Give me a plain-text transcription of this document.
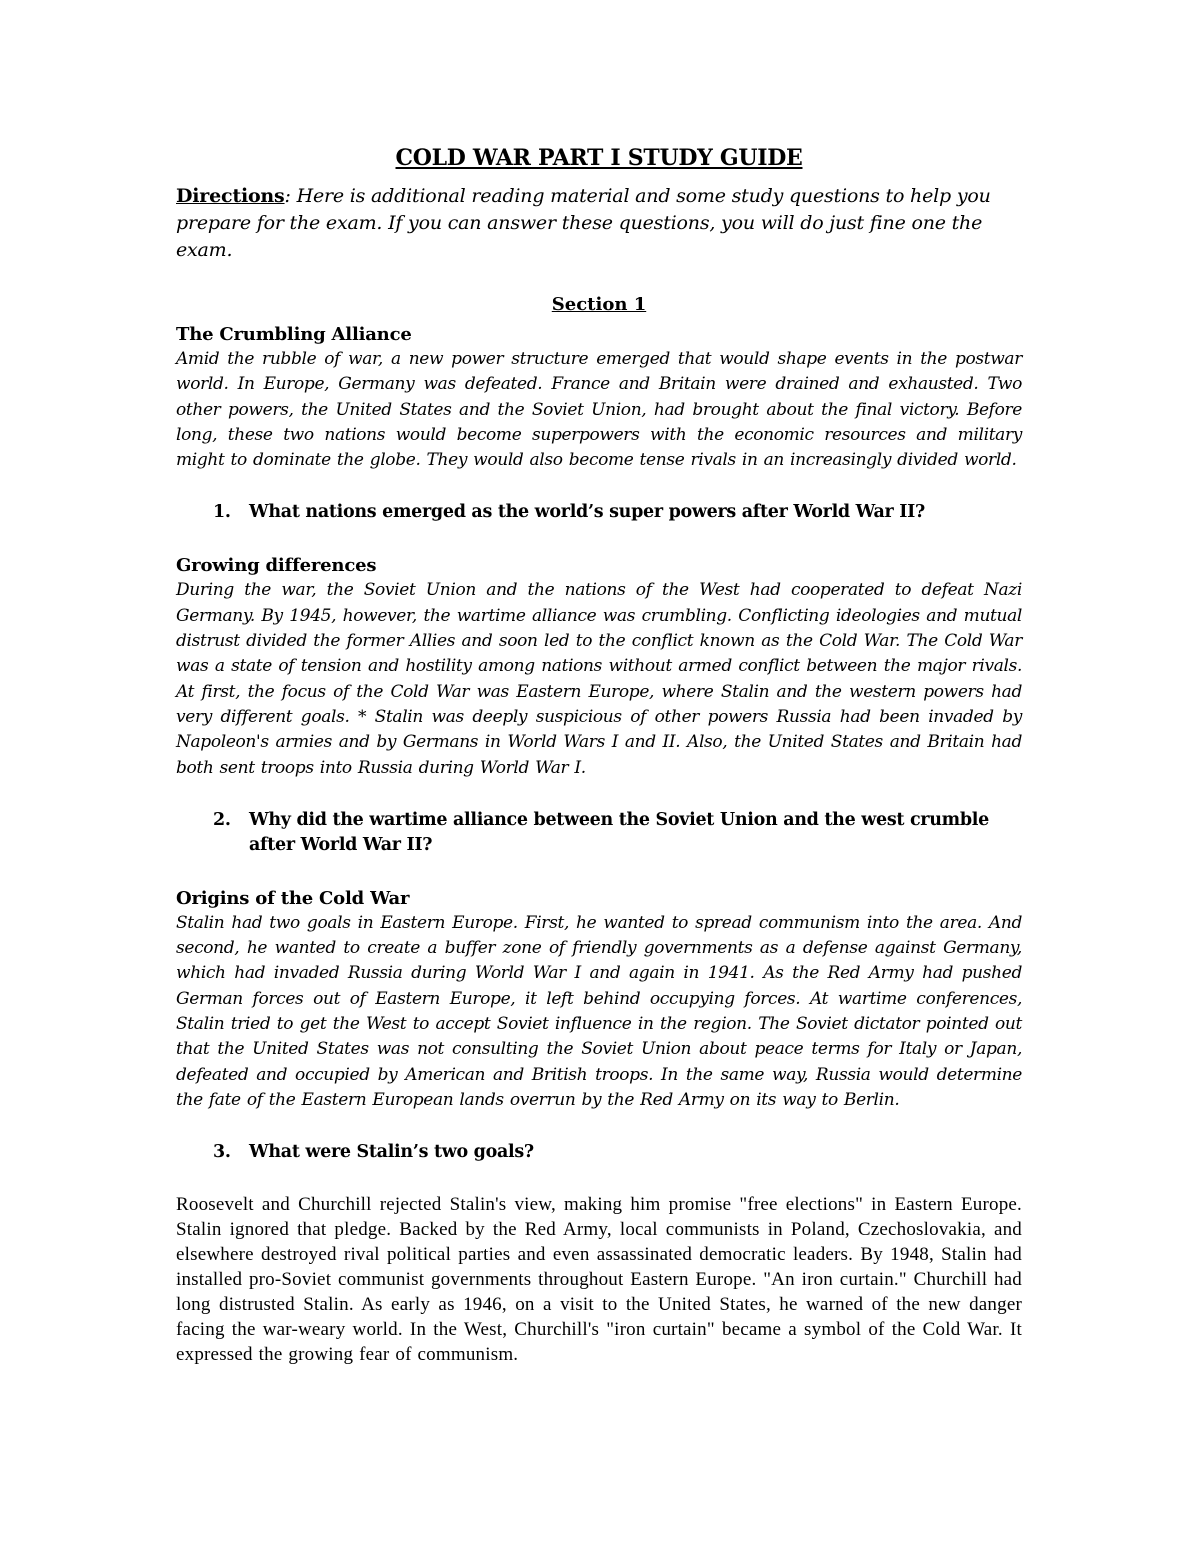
COLD WAR PART I STUDY GUIDE

Directions: Here is additional reading material and some study questions to help you prepare for the exam. If you can answer these questions, you will do just fine one the exam.

Section 1
The Crumbling Alliance

Amid the rubble of war, a new power structure emerged that would shape events in the postwar world. In Europe, Germany was defeated. France and Britain were drained and exhausted. Two other powers, the United States and the Soviet Union, had brought about the final victory. Before long, these two nations would become superpowers with the economic resources and military might to dominate the globe. They would also become tense rivals in an increasingly divided world.

1.	What nations emerged as the world’s super powers after World War II?
Growing differences

During the war, the Soviet Union and the nations of the West had cooperated to defeat Nazi Germany. By 1945, however, the wartime alliance was crumbling. Conflicting ideologies and mutual distrust divided the former Allies and soon led to the conflict known as the Cold War. The Cold War was a state of tension and hostility among nations without armed conflict between the major rivals. At first, the focus of the Cold War was Eastern Europe, where Stalin and the western powers had very different goals. * Stalin was deeply suspicious of other powers Russia had been invaded by Napoleon's armies and by Germans in World Wars I and II. Also, the United States and Britain had both sent troops into Russia during World War I.

2.	Why did the wartime alliance between the Soviet Union and the west crumble after World War II?
Origins of the Cold War

Stalin had two goals in Eastern Europe. First, he wanted to spread communism into the area. And second, he wanted to create a buffer zone of friendly governments as a defense against Germany, which had invaded Russia during World War I and again in 1941. As the Red Army had pushed German forces out of Eastern Europe, it left behind occupying forces. At wartime conferences, Stalin tried to get the West to accept Soviet influence in the region. The Soviet dictator pointed out that the United States was not consulting the Soviet Union about peace terms for Italy or Japan, defeated and occupied by American and British troops. In the same way, Russia would determine the fate of the Eastern European lands overrun by the Red Army on its way to Berlin.

3.	What were Stalin’s two goals?

Roosevelt and Churchill rejected Stalin's view, making him promise "free elections" in Eastern Europe. Stalin ignored that pledge. Backed by the Red Army, local communists in Poland, Czechoslovakia, and elsewhere destroyed rival political parties and even assassinated democratic leaders. By 1948, Stalin had installed pro-Soviet communist governments throughout Eastern Europe. "An iron curtain." Churchill had long distrusted Stalin. As early as 1946, on a visit to the United States, he warned of the new danger facing the war-weary world. In the West, Churchill's "iron curtain" became a symbol of the Cold War. It expressed the growing fear of communism.
